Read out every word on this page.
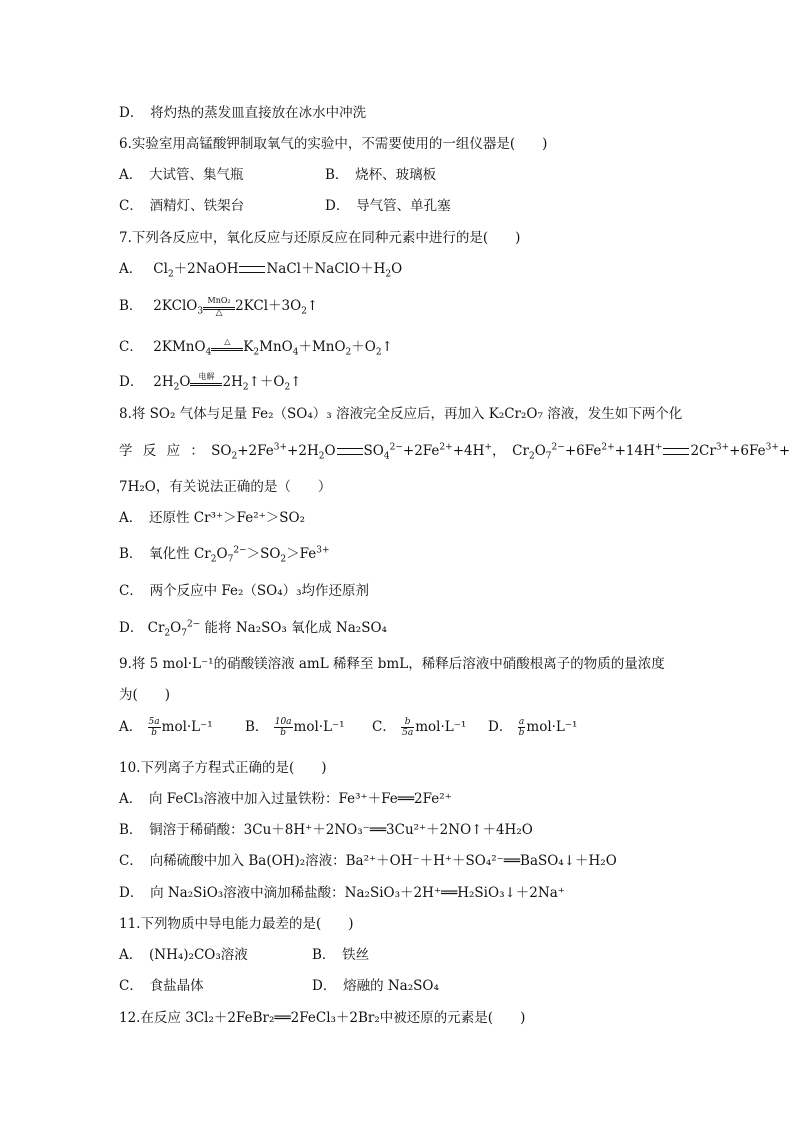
D．　将灼热的蒸发皿直接放在冰水中冲洗
6.实验室用高锰酸钾制取氧气的实验中，不需要使用的一组仪器是(　　)
A．　大试管、集气瓶	B．　烧杯、玻璃板
C．　酒精灯、铁架台	D．　导气管、单孔塞
7.下列各反应中，氧化反应与还原反应在同种元素中进行的是(　　)
A． $Cl_2+2NaOH$ $NaCl+NaClO+H_2O$
B． 2KClO$_3$
MnO₂
△ $2KCl+3O_2↑$
C． 2KMnO$_4$
△ $K_2MnO_4+MnO_2+O_2↑$
D． $2H_2O$	电解 $2H_2↑+O_2↑$
8.将 SO₂ 气体与足量 Fe₂（SO₄）₃ 溶液完全反应后，再加入 K₂Cr₂O₇ 溶液，发生如下两个化
学 反 应 ： $SO_2+2Fe^{3+}+2H_2O$ $SO_4^{2-}+2Fe^{2+}+4H^+$，　$Cr_2O_7^{2-}+6Fe^{2+}+14H^+$ $2Cr^{3+}+6Fe^{3+}+$
7H₂O，有关说法正确的是（　　）
A．　还原性 Cr³⁺＞Fe²⁺＞SO₂
B．　氧化性 $Cr_2O_7^{2-}>SO_2>Fe^{3+}$
C．　两个反应中 Fe₂（SO₄）₃均作还原剂
D． $Cr_2O_7^{2-}$ 能将 Na₂SO₃ 氧化成 Na₂SO₄
9.将 5 mol·L⁻¹的硝酸镁溶液 amL 稀释至 bmL，稀释后溶液中硝酸根离子的物质的量浓度
为(　　)
A． $\frac{5a}{b} mol\cdot L^{-1}$ B． $\frac{10a}{b} mol\cdot L^{-1}$ C． $\frac{b}{5a} mol\cdot L^{-1}$ D． $\frac{a}{b} mol\cdot L^{-1}$
10.下列离子方程式正确的是(　　)
A．　向 FeCl₃溶液中加入过量铁粉：Fe³⁺＋Fe══2Fe²⁺
B．　铜溶于稀硝酸：3Cu＋8H⁺＋2NO₃⁻══3Cu²⁺＋2NO↑＋4H₂O
C．　向稀硫酸中加入 Ba(OH)₂溶液：Ba²⁺＋OH⁻＋H⁺＋SO₄²⁻══BaSO₄↓＋H₂O
D．　向 Na₂SiO₃溶液中滴加稀盐酸：Na₂SiO₃＋2H⁺══H₂SiO₃↓＋2Na⁺
11.下列物质中导电能力最差的是(　　)
A．　(NH₄)₂CO₃溶液	B．　铁丝
C．　食盐晶体	D．　熔融的 Na₂SO₄
12.在反应 3Cl₂＋2FeBr₂══2FeCl₃＋2Br₂中被还原的元素是(　　)
